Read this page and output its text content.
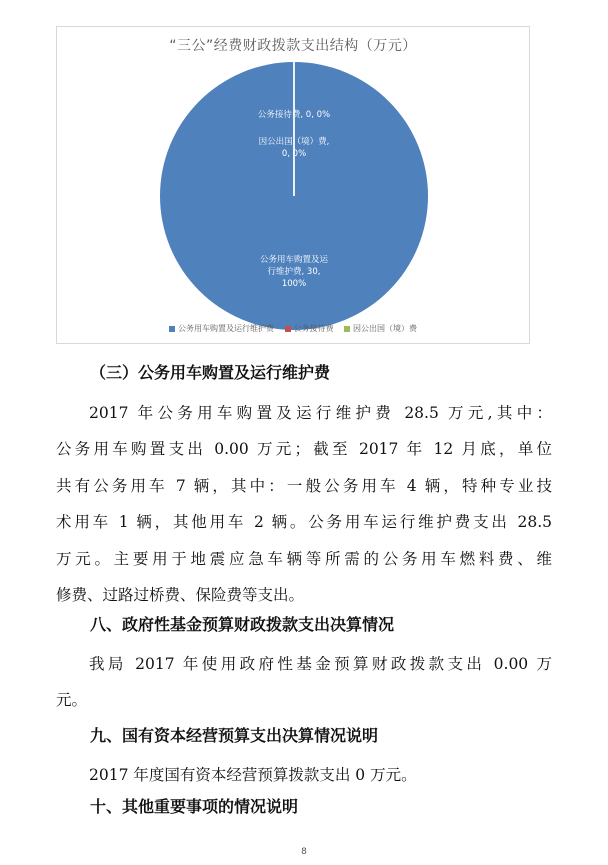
“三公”经费财政拨款支出结构（万元）
公务用车购置及运行维护费, 30, 100%
公务接待费, 0, 0%
因公出国（境）费, 0, 0%
公务用车购置及运行维护费 公务接待费 因公出国（境）费
（三）公务用车购置及运行维护费
2017 年公务用车购置及运行维护费 28.5 万元,其中：
公务用车购置支出 0.00 万元；截至 2017 年 12 月底，单位
共有公务用车 7 辆，其中：一般公务用车 4 辆，特种专业技
术用车 1 辆，其他用车 2 辆。公务用车运行维护费支出 28.5
万元。主要用于地震应急车辆等所需的公务用车燃料费、维
修费、过路过桥费、保险费等支出。
八、政府性基金预算财政拨款支出决算情况
我局 2017 年使用政府性基金预算财政拨款支出 0.00 万
元。
九、国有资本经营预算支出决算情况说明
2017 年度国有资本经营预算拨款支出 0 万元。
十、其他重要事项的情况说明
8
